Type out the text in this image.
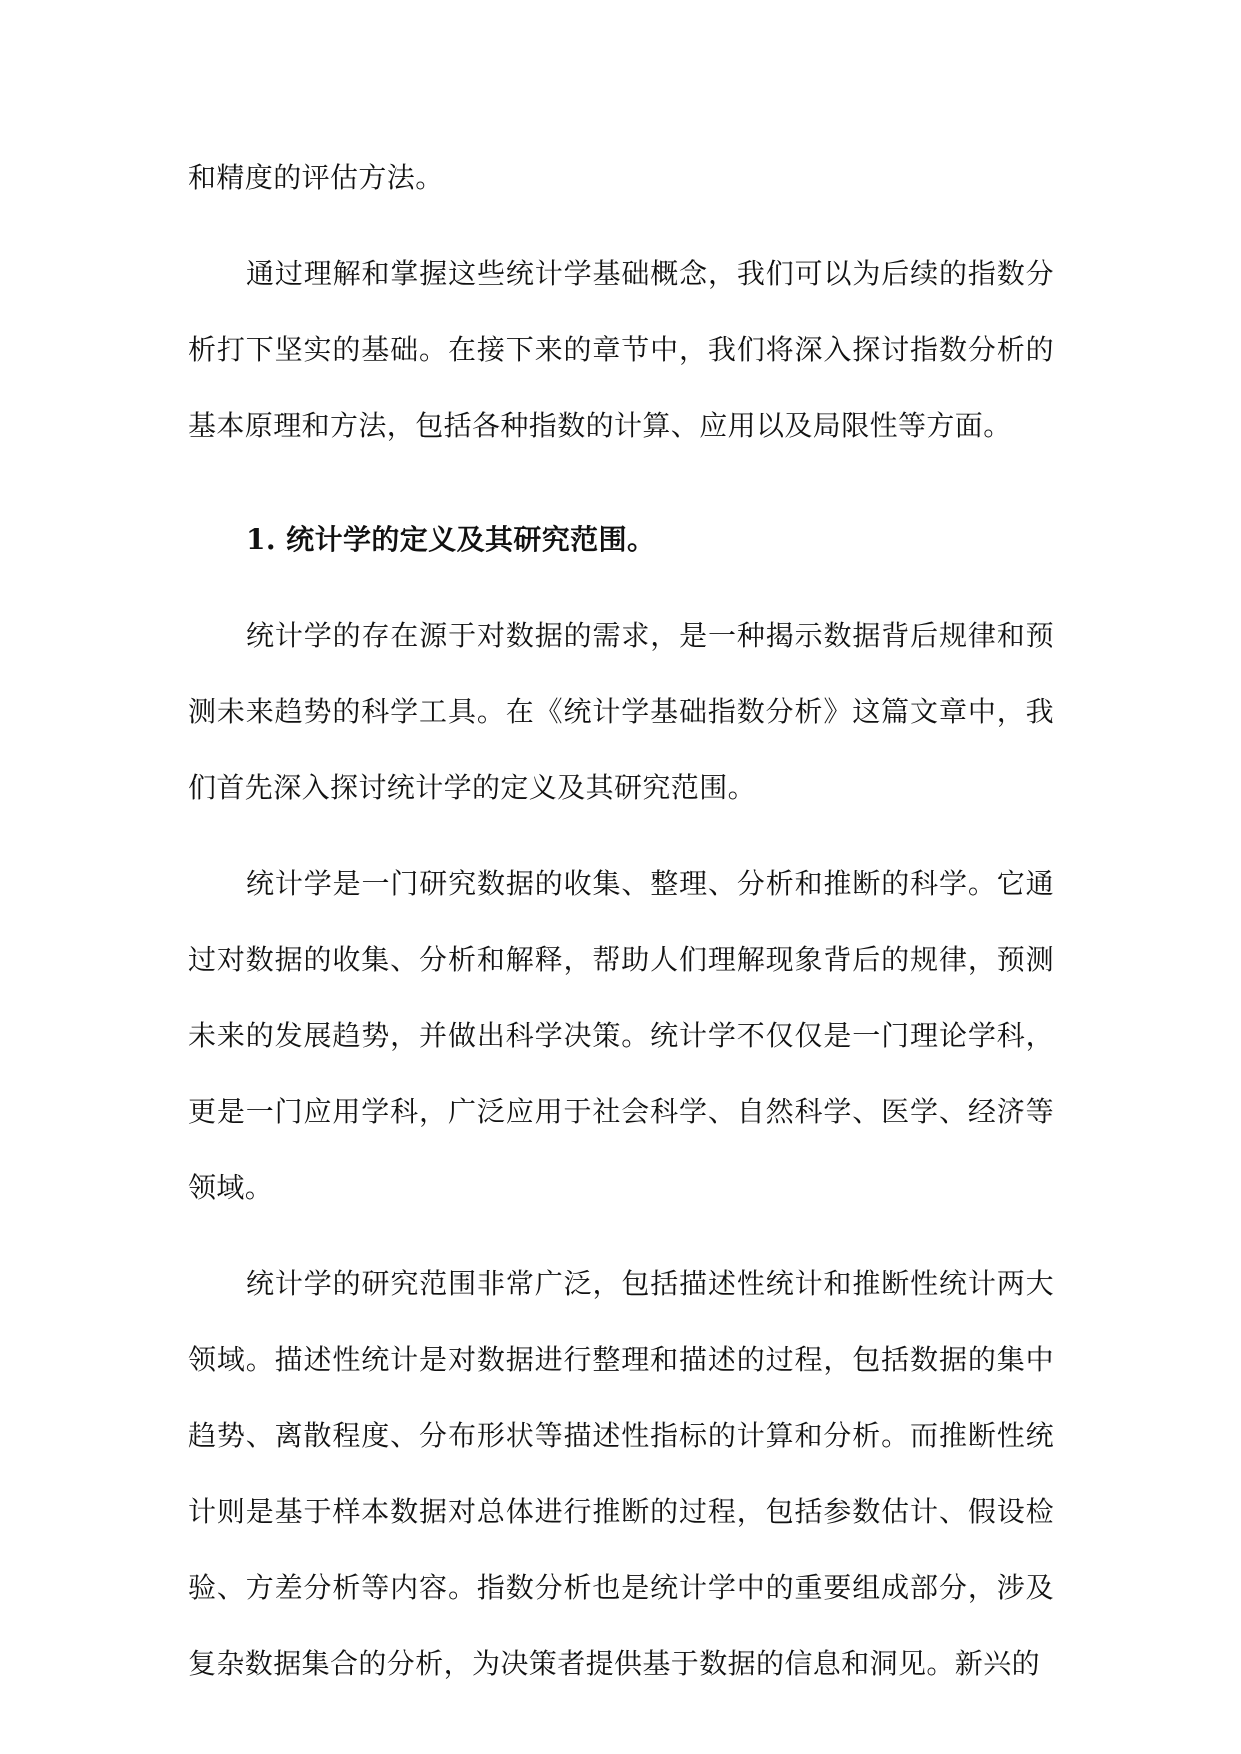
和精度的评估方法。

通过理解和掌握这些统计学基础概念，我们可以为后续的指数分析打下坚实的基础。在接下来的章节中，我们将深入探讨指数分析的基本原理和方法，包括各种指数的计算、应用以及局限性等方面。

1. 统计学的定义及其研究范围。

统计学的存在源于对数据的需求，是一种揭示数据背后规律和预测未来趋势的科学工具。在《统计学基础指数分析》这篇文章中，我们首先深入探讨统计学的定义及其研究范围。

统计学是一门研究数据的收集、整理、分析和推断的科学。它通过对数据的收集、分析和解释，帮助人们理解现象背后的规律，预测未来的发展趋势，并做出科学决策。统计学不仅仅是一门理论学科，更是一门应用学科，广泛应用于社会科学、自然科学、医学、经济等领域。

统计学的研究范围非常广泛，包括描述性统计和推断性统计两大领域。描述性统计是对数据进行整理和描述的过程，包括数据的集中趋势、离散程度、分布形状等描述性指标的计算和分析。而推断性统计则是基于样本数据对总体进行推断的过程，包括参数估计、假设检验、方差分析等内容。指数分析也是统计学中的重要组成部分，涉及复杂数据集合的分析，为决策者提供基于数据的信息和洞见。新兴的
